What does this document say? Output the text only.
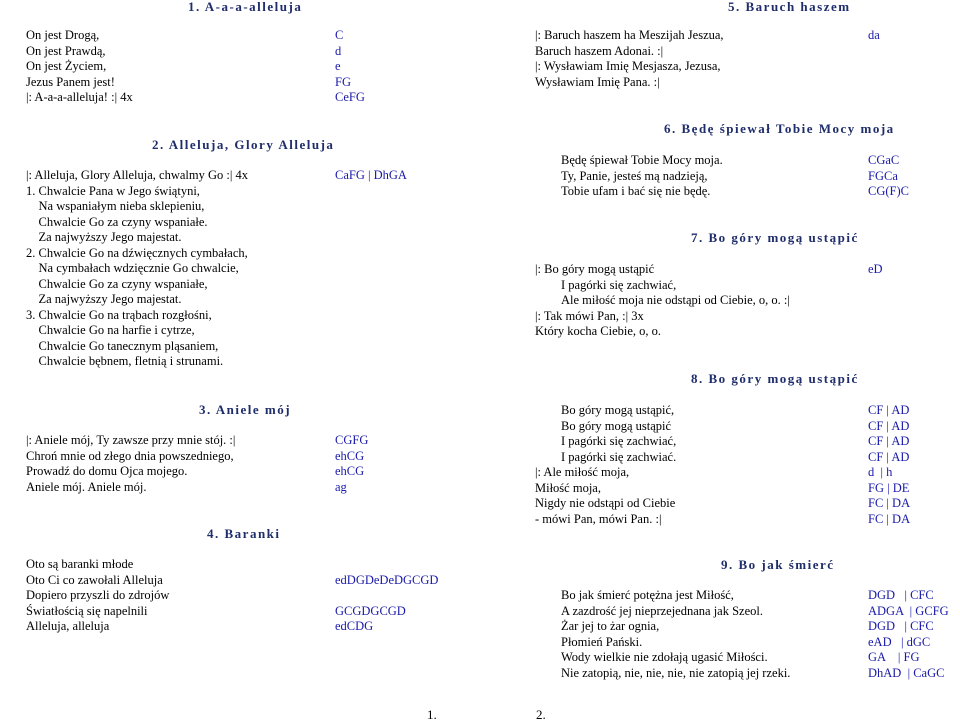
1. A-a-a-alleluja
On jest Drogą,
On jest Prawdą,
On jest Życiem,
Jezus Panem jest!
|: A-a-a-alleluja! :| 4x
C
d
e
FG
CeFG
2. Alleluja, Glory Alleluja
|: Alleluja, Glory Alleluja, chwalmy Go :| 4x
1. Chwalcie Pana w Jego świątyni,
Na wspaniałym nieba sklepieniu,
Chwalcie Go za czyny wspaniałe.
Za najwyższy Jego majestat.
2. Chwalcie Go na dźwięcznych cymbałach,
Na cymbałach wdzięcznie Go chwalcie,
Chwalcie Go za czyny wspaniałe,
Za najwyższy Jego majestat.
3. Chwalcie Go na trąbach rozgłośni,
Chwalcie Go na harfie i cytrze,
Chwalcie Go tanecznym pląsaniem,
Chwalcie bębnem, fletnią i strunami.
CaFG | DhGA
3. Aniele mój
|: Aniele mój, Ty zawsze przy mnie stój. :|
Chroń mnie od złego dnia powszedniego,
Prowadź do domu Ojca mojego.
Aniele mój. Aniele mój.
CGFG
ehCG
ehCG
ag
4. Baranki
Oto są baranki młode
Oto Ci co zawołali Alleluja
Dopiero przyszli do zdrojów
Światłością się napelnili
Alleluja, alleluja
edDGDeDeDGCGD
GCGDGCGD
edCDG
5. Baruch haszem
|: Baruch haszem ha Meszijah Jeszua,
Baruch haszem Adonai. :|
|: Wysławiam Imię Mesjasza, Jezusa,
Wysławiam Imię Pana. :|
da
6. Będę śpiewał Tobie Mocy moja
Będę śpiewał Tobie Mocy moja.
Ty, Panie, jesteś mą nadzieją,
Tobie ufam i bać się nie będę.
CGaC
FGCa
CG(F)C
7. Bo góry mogą ustąpić
|: Bo góry mogą ustąpić
I pagórki się zachwiać,
Ale miłość moja nie odstąpi od Ciebie, o, o. :|
|: Tak mówi Pan, :| 3x
Który kocha Ciebie, o, o.
eD
8. Bo góry mogą ustąpić
Bo góry mogą ustąpić,
Bo góry mogą ustąpić
I pagórki się zachwiać,
I pagórki się zachwiać.
|: Ale miłość moja,
Miłość moja,
Nigdy nie odstąpi od Ciebie
- mówi Pan, mówi Pan. :|
CF | AD
CF | AD
CF | AD
CF | AD
d  | h
FG | DE
FC | DA
FC | DA
9. Bo jak śmierć
Bo jak śmierć potężna jest Miłość,
A zazdrość jej nieprzejednana jak Szeol.
Żar jej to żar ognia,
Płomień Pański.
Wody wielkie nie zdołają ugasić Miłości.
Nie zatopią, nie, nie, nie, nie zatopią jej rzeki.
DGD   | CFC
ADGA  | GCFG
DGD   | CFC
eAD   | dGC
GA    | FG
DhAD  | CaGC
1.	2.
